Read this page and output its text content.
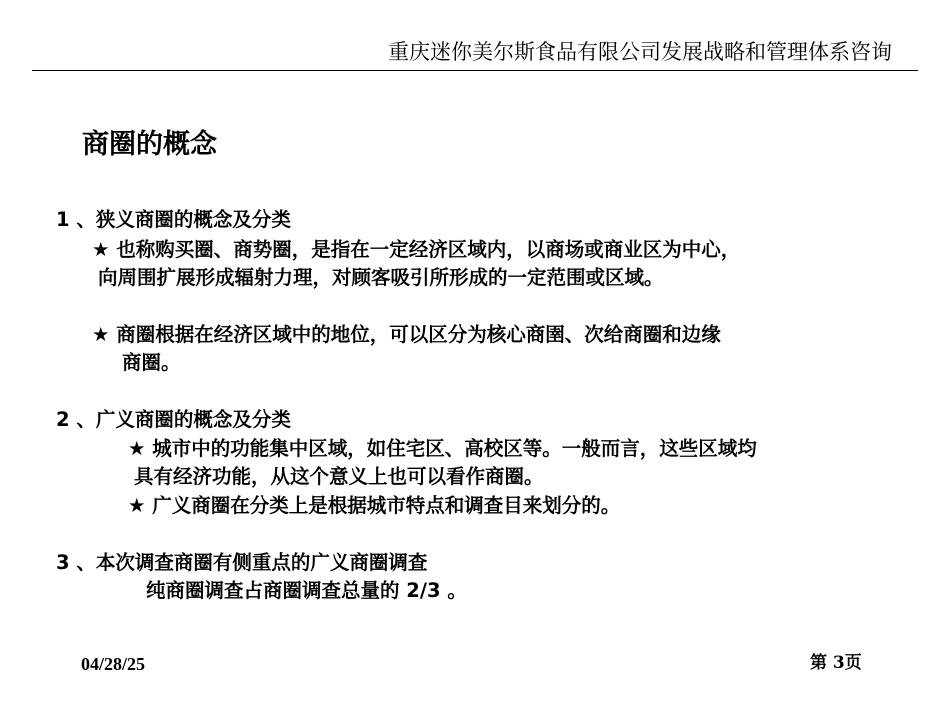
重庆迷你美尔斯食品有限公司发展战略和管理体系咨询
商圈的概念
1 、狭义商圈的概念及分类
★ 也称购买圈、商势圈，是指在一定经济区域内，以商场或商业区为中心，
向周围扩展形成辐射力理，对顾客吸引所形成的一定范围或区域。
★ 商圈根据在经济区域中的地位，可以区分为核心商圉、次给商圈和边缘
商圈。
2 、广义商圈的概念及分类
★ 城市中的功能集中区域，如住宅区、高校区等。一般而言，这些区域均
具有经济功能，从这个意义上也可以看作商圈。
★ 广义商圈在分类上是根据城市特点和调查目来划分的。
3 、本次调查商圈有侧重点的广义商圈调查
纯商圈调查占商圈调查总量的 2/3 。
04/28/25	第 3页
